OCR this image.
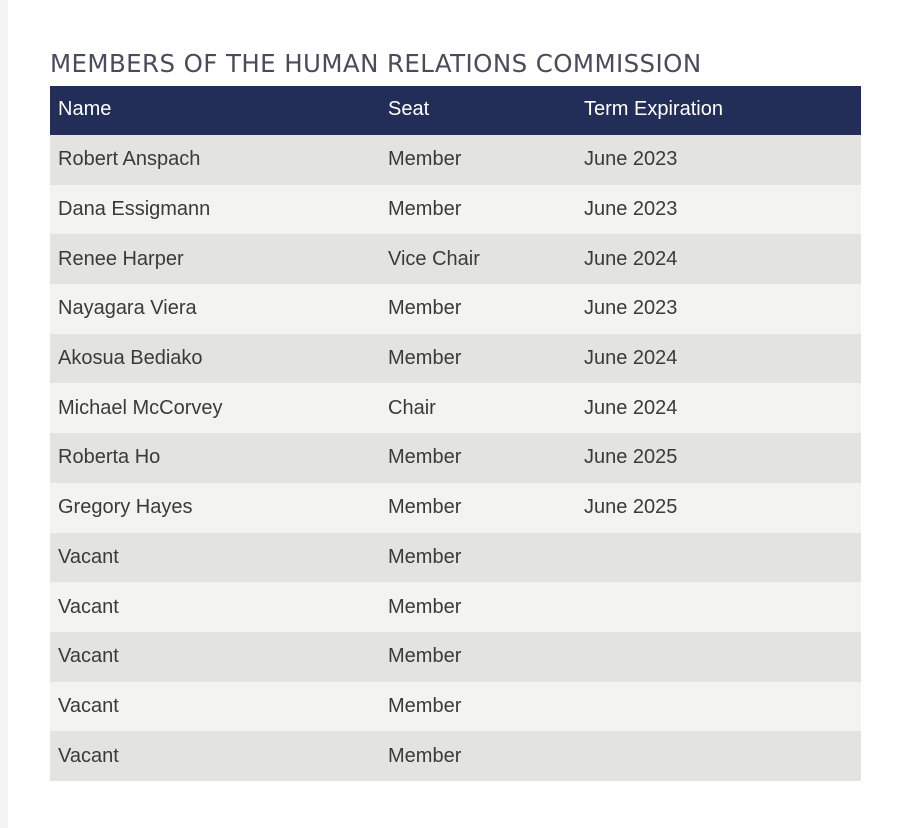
MEMBERS OF THE HUMAN RELATIONS COMMISSION
Name	Seat	Term Expiration
Robert Anspach	Member	June 2023
Dana Essigmann	Member	June 2023
Renee Harper	Vice Chair	June 2024
Nayagara Viera	Member	June 2023
Akosua Bediako	Member	June 2024
Michael McCorvey	Chair	June 2024
Roberta Ho	Member	June 2025
Gregory Hayes	Member	June 2025
Vacant	Member	
Vacant	Member	
Vacant	Member	
Vacant	Member	
Vacant	Member	
